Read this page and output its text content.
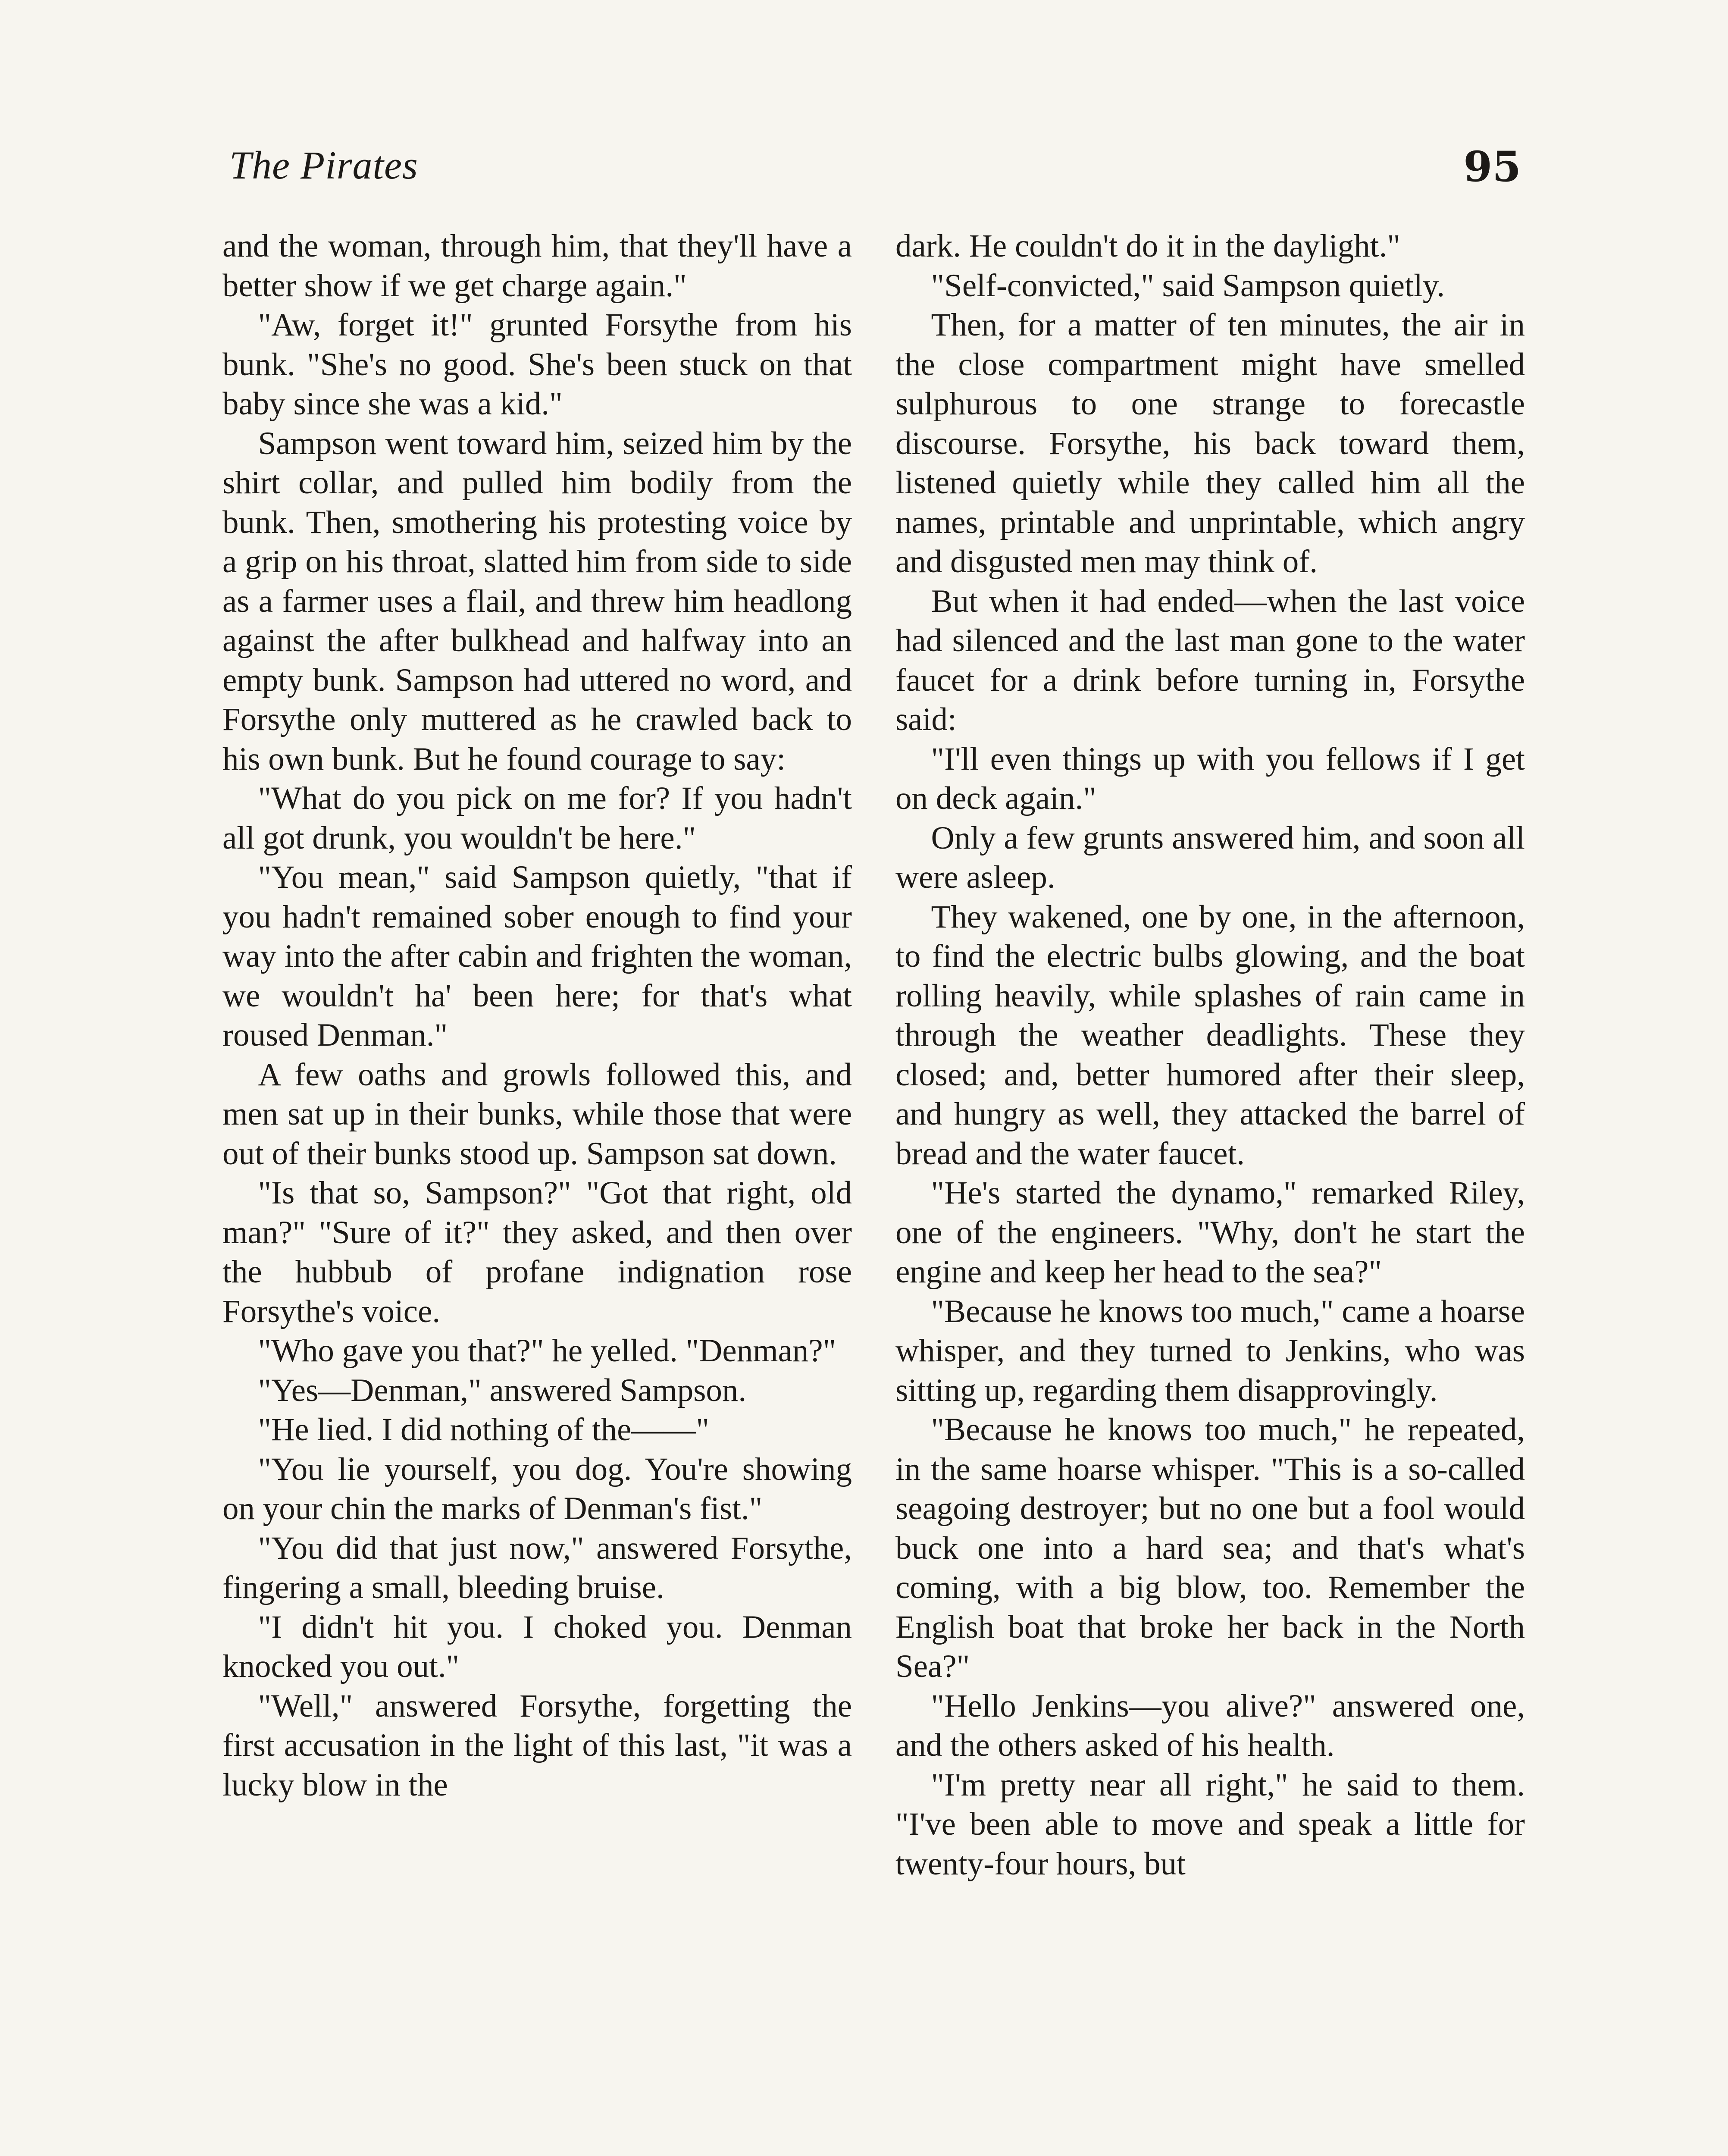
The Pirates	95

and the woman, through him, that they'll have a better show if we get charge again."

"Aw, forget it!" grunted Forsythe from his bunk. "She's no good. She's been stuck on that baby since she was a kid."

Sampson went toward him, seized him by the shirt collar, and pulled him bodily from the bunk. Then, smothering his protesting voice by a grip on his throat, slatted him from side to side as a farmer uses a flail, and threw him headlong against the after bulkhead and halfway into an empty bunk. Sampson had uttered no word, and Forsythe only muttered as he crawled back to his own bunk. But he found courage to say:

"What do you pick on me for? If you hadn't all got drunk, you wouldn't be here."

"You mean," said Sampson quietly, "that if you hadn't remained sober enough to find your way into the after cabin and frighten the woman, we wouldn't ha' been here; for that's what roused Denman."

A few oaths and growls followed this, and men sat up in their bunks, while those that were out of their bunks stood up. Sampson sat down.

"Is that so, Sampson?" "Got that right, old man?" "Sure of it?" they asked, and then over the hubbub of profane indignation rose Forsythe's voice.

"Who gave you that?" he yelled. "Denman?"

"Yes—Denman," answered Sampson.

"He lied. I did nothing of the——"

"You lie yourself, you dog. You're showing on your chin the marks of Denman's fist."

"You did that just now," answered Forsythe, fingering a small, bleeding bruise.

"I didn't hit you. I choked you. Denman knocked you out."

"Well," answered Forsythe, forgetting the first accusation in the light of this last, "it was a lucky blow in the

dark. He couldn't do it in the daylight."

"Self-convicted," said Sampson quietly.

Then, for a matter of ten minutes, the air in the close compartment might have smelled sulphurous to one strange to forecastle discourse. Forsythe, his back toward them, listened quietly while they called him all the names, printable and unprintable, which angry and disgusted men may think of.

But when it had ended—when the last voice had silenced and the last man gone to the water faucet for a drink before turning in, Forsythe said:

"I'll even things up with you fellows if I get on deck again."

Only a few grunts answered him, and soon all were asleep.

They wakened, one by one, in the afternoon, to find the electric bulbs glowing, and the boat rolling heavily, while splashes of rain came in through the weather deadlights. These they closed; and, better humored after their sleep, and hungry as well, they attacked the barrel of bread and the water faucet.

"He's started the dynamo," remarked Riley, one of the engineers. "Why, don't he start the engine and keep her head to the sea?"

"Because he knows too much," came a hoarse whisper, and they turned to Jenkins, who was sitting up, regarding them disapprovingly.

"Because he knows too much," he repeated, in the same hoarse whisper. "This is a so-called seagoing destroyer; but no one but a fool would buck one into a hard sea; and that's what's coming, with a big blow, too. Remember the English boat that broke her back in the North Sea?"

"Hello Jenkins—you alive?" answered one, and the others asked of his health.

"I'm pretty near all right," he said to them. "I've been able to move and speak a little for twenty-four hours, but
